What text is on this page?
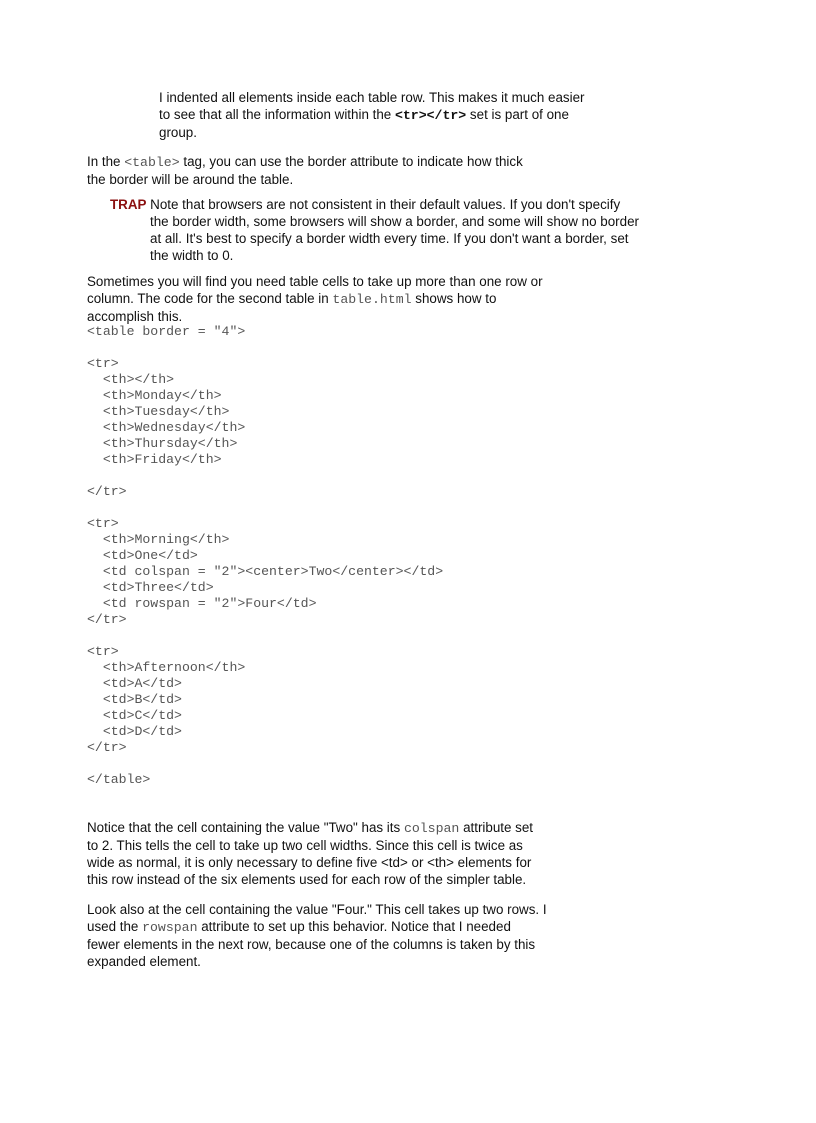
I indented all elements inside each table row. This makes it much easier to see that all the information within the <tr></tr> set is part of one group.

In the <table> tag, you can use the border attribute to indicate how thick the border will be around the table.

TRAP Note that browsers are not consistent in their default values. If you don't specify the border width, some browsers will show a border, and some will show no border at all. It's best to specify a border width every time. If you don't want a border, set the width to 0.

Sometimes you will find you need table cells to take up more than one row or column. The code for the second table in table.html shows how to accomplish this.

<table border = "4">

<tr>
<th></th>
<th>Monday</th>
<th>Tuesday</th>
<th>Wednesday</th>
<th>Thursday</th>
<th>Friday</th>

</tr>

<tr>
<th>Morning</th>
<td>One</td>
<td colspan = "2"><center>Two</center></td>
<td>Three</td>
<td rowspan = "2">Four</td>
</tr>

<tr>
<th>Afternoon</th>
<td>A</td>
<td>B</td>
<td>C</td>
<td>D</td>
</tr>

</table>

Notice that the cell containing the value "Two" has its colspan attribute set to 2. This tells the cell to take up two cell widths. Since this cell is twice as wide as normal, it is only necessary to define five <td> or <th> elements for this row instead of the six elements used for each row of the simpler table.

Look also at the cell containing the value "Four." This cell takes up two rows. I used the rowspan attribute to set up this behavior. Notice that I needed fewer elements in the next row, because one of the columns is taken by this expanded element.
